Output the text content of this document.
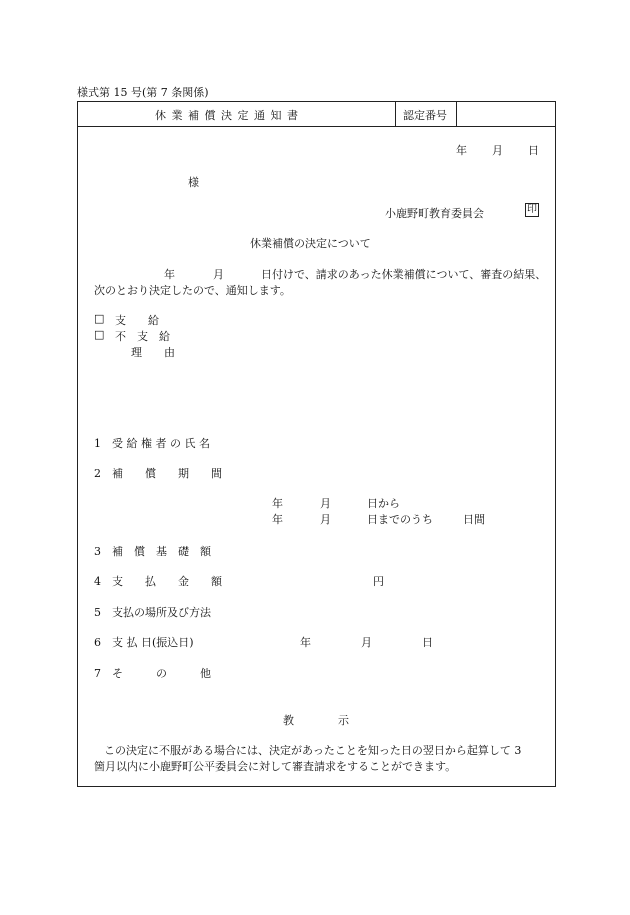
様式第 15 号(第 7 条関係)
休 業 補 償 決 定 通 知 書	認定番号
年 月 日
様
小鹿野町教育委員会	印
休業補償の決定について
年	月	日付けで、請求のあった休業補償について、審査の結果、
次のとおり決定したので、通知します。
□ 支　　給
□ 不　支　給
理　　由
1　受 給 権 者 の 氏 名
2　補　　償　　期　　間
年	月	日から
年	月	日までのうち	日間
3　補　償　基　礎　額
4　支　　払　　金　　額	円
5　支払の場所及び方法
6　支 払 日(振込日)	年	月	日
7　そ　　　の　　　他
教　　　　示
この決定に不服がある場合には、決定があったことを知った日の翌日から起算して 3
箇月以内に小鹿野町公平委員会に対して審査請求をすることができます。
